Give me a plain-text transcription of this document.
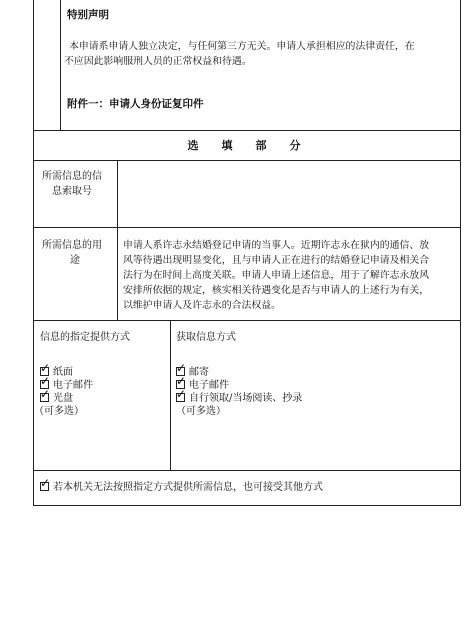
特别声明
本申请系申请人独立决定，与任何第三方无关。申请人承担相应的法律责任，在
不应因此影响服刑人员的正常权益和待遇。
附件一：申请人身份证复印件
选　填　部　分
所需信息的信
息索取号
所需信息的用
途
申请人系许志永结婚登记申请的当事人。近期许志永在狱内的通信、放
风等待遇出现明显变化，且与申请人正在进行的结婚登记申请及相关合
法行为在时间上高度关联。申请人申请上述信息，用于了解许志永放风
安排所依据的规定，核实相关待遇变化是否与申请人的上述行为有关，
以维护申请人及许志永的合法权益。
信息的指定提供方式
✓ 纸面
✓ 电子邮件
✓ 光盘
（可多选）
获取信息方式
✓ 邮寄
✓ 电子邮件
✓ 自行领取/当场阅读、抄录
（可多选）
✓ 若本机关无法按照指定方式提供所需信息，也可接受其他方式
